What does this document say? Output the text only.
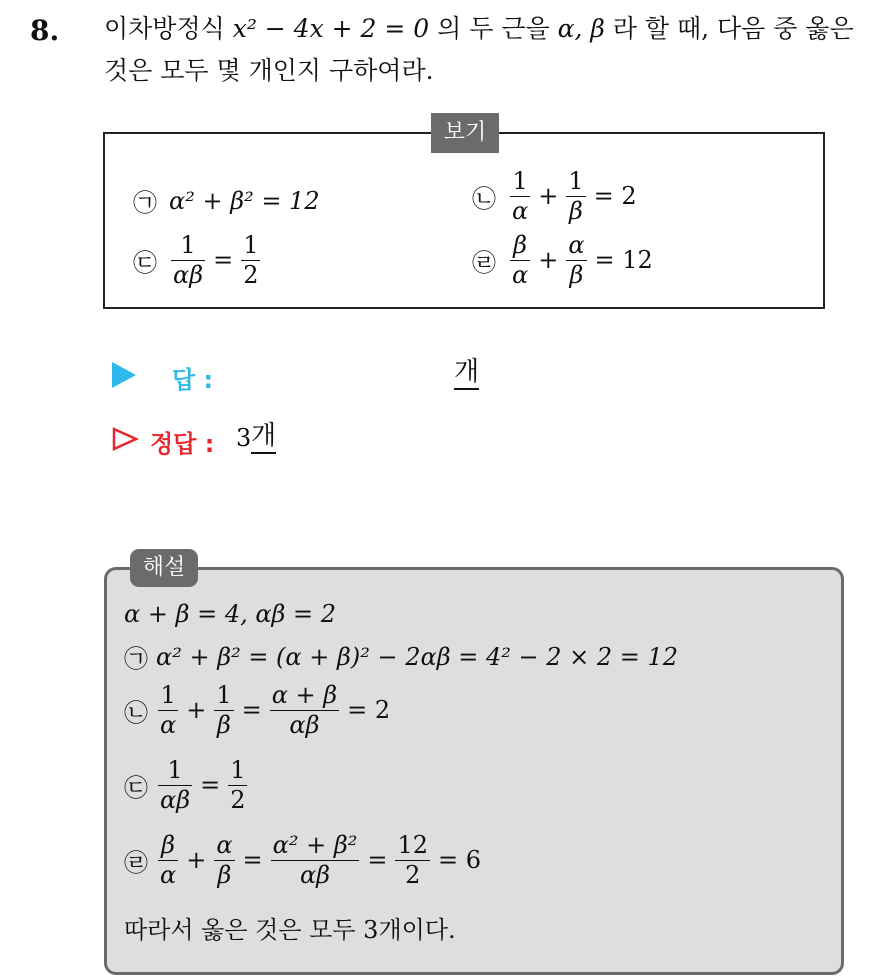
8. 이차방정식 x² − 4x + 2 = 0 의 두 근을 α, β 라 할 때, 다음 중 옳은
것은 모두 몇 개인지 구하여라.
보기
㉠ α² + β² = 12	㉡ $\frac{1}{\alpha} + \frac{1}{\beta} = 2$
㉢ $\frac{1}{\alpha\beta} = \frac{1}{2}$	㉣ $\frac{\beta}{\alpha} + \frac{\alpha}{\beta} = 12$
답 :	개
정답 : 3 개
해설
α + β = 4, αβ = 2
㉠ α² + β² = (α + β)² − 2αβ = 4² − 2 × 2 = 12
㉡ $\frac{1}{\alpha} + \frac{1}{\beta} = \frac{\alpha + \beta}{\alpha\beta} = 2$
㉢ $\frac{1}{\alpha\beta} = \frac{1}{2}$
㉣ $\frac{\beta}{\alpha} + \frac{\alpha}{\beta} = \frac{\text{α² + β²}}{\alpha\beta} = \frac{12}{2} = 6$
따라서 옳은 것은 모두 3개이다.
